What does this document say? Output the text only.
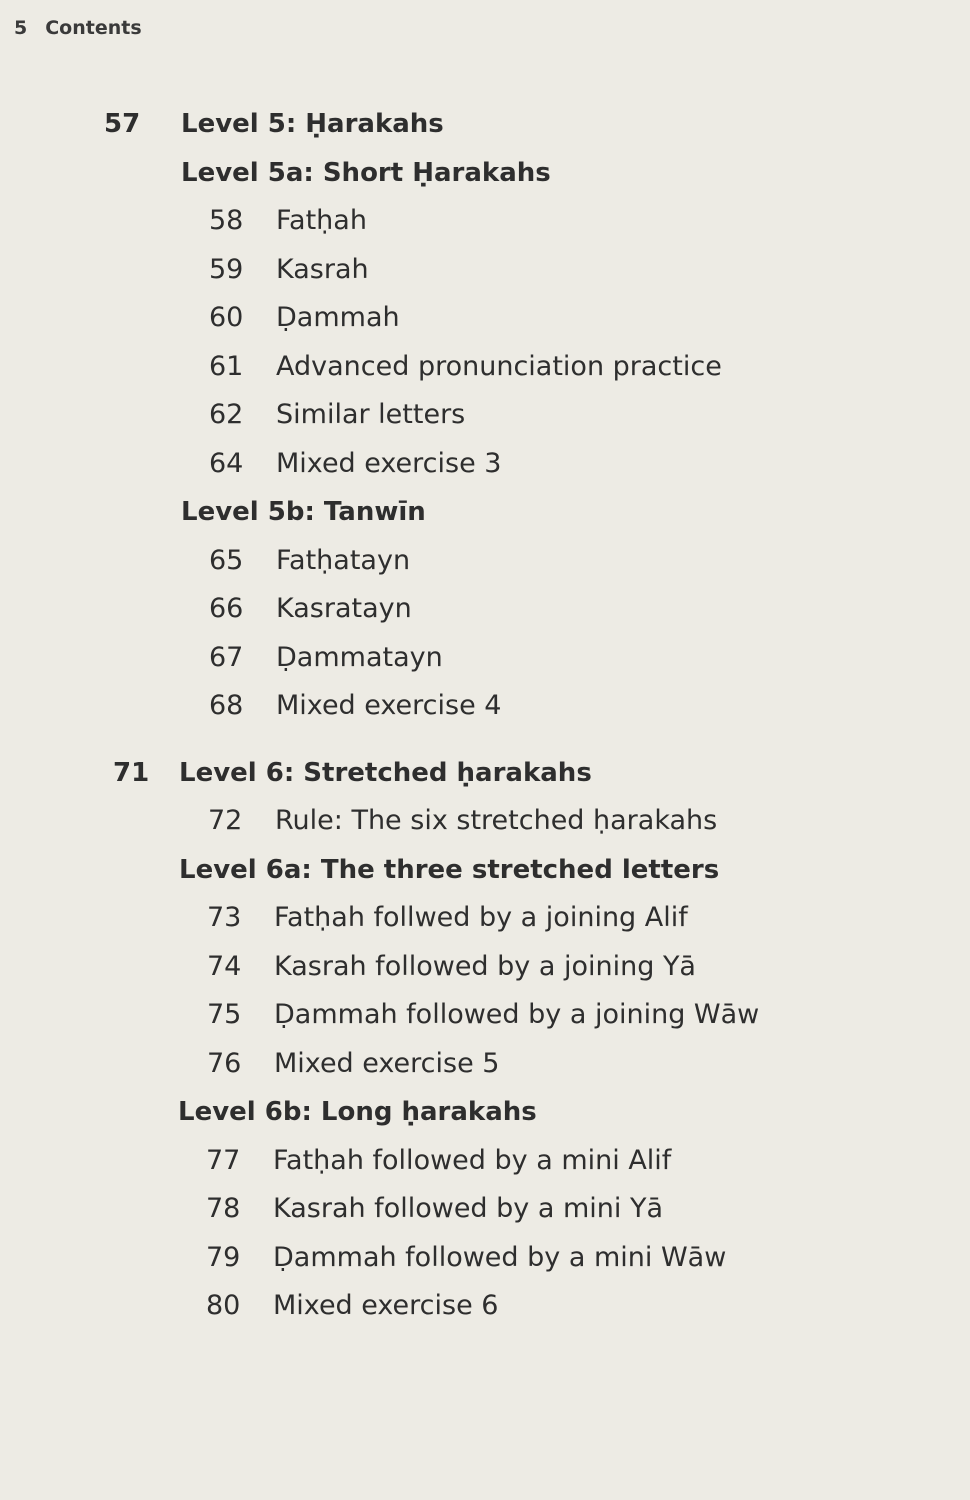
5 Contents
57 Level 5: Ḥarakahs
Level 5a: Short Ḥarakahs
58 Fatḥah
59 Kasrah
60 Ḍammah
61 Advanced pronunciation practice
62 Similar letters
64 Mixed exercise 3
Level 5b: Tanwīn
65 Fatḥatayn
66 Kasratayn
67 Ḍammatayn
68 Mixed exercise 4
71 Level 6: Stretched ḥarakahs
72 Rule: The six stretched ḥarakahs
Level 6a: The three stretched letters
73 Fatḥah follwed by a joining Alif
74 Kasrah followed by a joining Yā
75 Ḍammah followed by a joining Wāw
76 Mixed exercise 5
Level 6b: Long ḥarakahs
77 Fatḥah followed by a mini Alif
78 Kasrah followed by a mini Yā
79 Ḍammah followed by a mini Wāw
80 Mixed exercise 6
